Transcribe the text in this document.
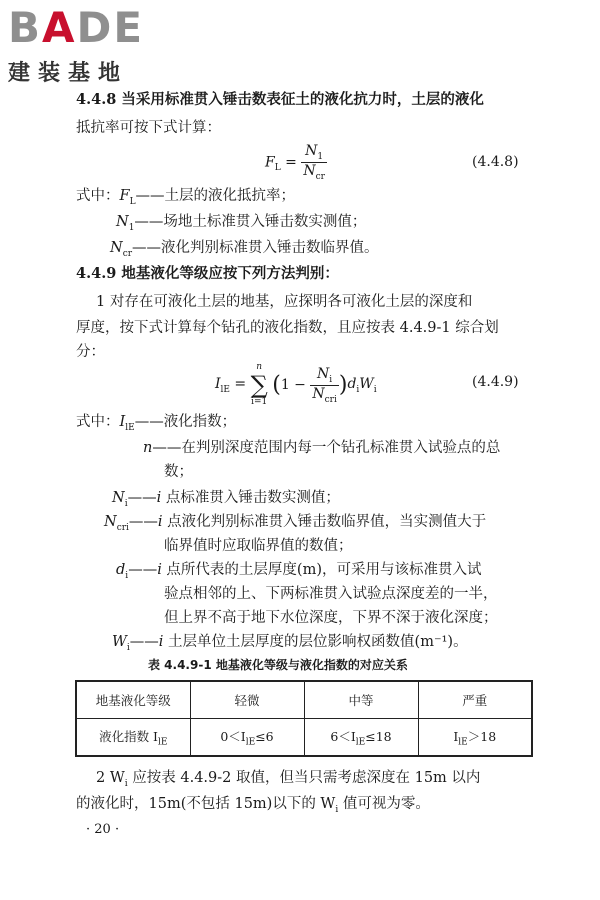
BADE
建装基地
4.4.8 当采用标准贯入锤击数表征土的液化抗力时，土层的液化
抵抗率可按下式计算：
$F_L = \frac{N_1}{N_{cr}}$	(4.4.8)
式中：$F_L——$土层的液化抵抗率；
$N_1——$场地土标准贯入锤击数实测值；
$N_{cr}——$液化判别标准贯入锤击数临界值。
4.4.9 地基液化等级应按下列方法判别：
1 对存在可液化土层的地基，应探明各可液化土层的深度和
厚度，按下式计算每个钻孔的液化指数，且应按表 4.4.9-1 综合划
分：
$I_{lE}$ =
n
∑
i=1
$(1 - \frac{N_i}{N_{cri}} )d_iW_i$	(4.4.9)
式中：$I_{lE}——$液化指数；
n——在判别深度范围内每一个钻孔标准贯入试验点的总
数；
$N_i——i$ 点标准贯入锤击数实测值；
$N_{cri}——i$ 点液化判别标准贯入锤击数临界值，当实测值大于
临界值时应取临界值的数值；
$d_i——i$ 点所代表的土层厚度(m)，可采用与该标准贯入试
验点相邻的上、下两标准贯入试验点深度差的一半，
但上界不高于地下水位深度，下界不深于液化深度；
$W_i——i$ 土层单位土层厚度的层位影响权函数值(m⁻¹)。
表 4.4.9-1 地基液化等级与液化指数的对应关系
地基液化等级	轻微	中等	严重
液化指数 $I_{lE}$	$0<I_{lE}\le 6$	$6<I_{lE}\le 18$	$I_{lE}>18$
2 $W_i$ 应按表 4.4.9-2 取值，但当只需考虑深度在 15m 以内
的液化时，15m(不包括 15m)以下的 $W_i$ 值可视为零。
· 20 ·
